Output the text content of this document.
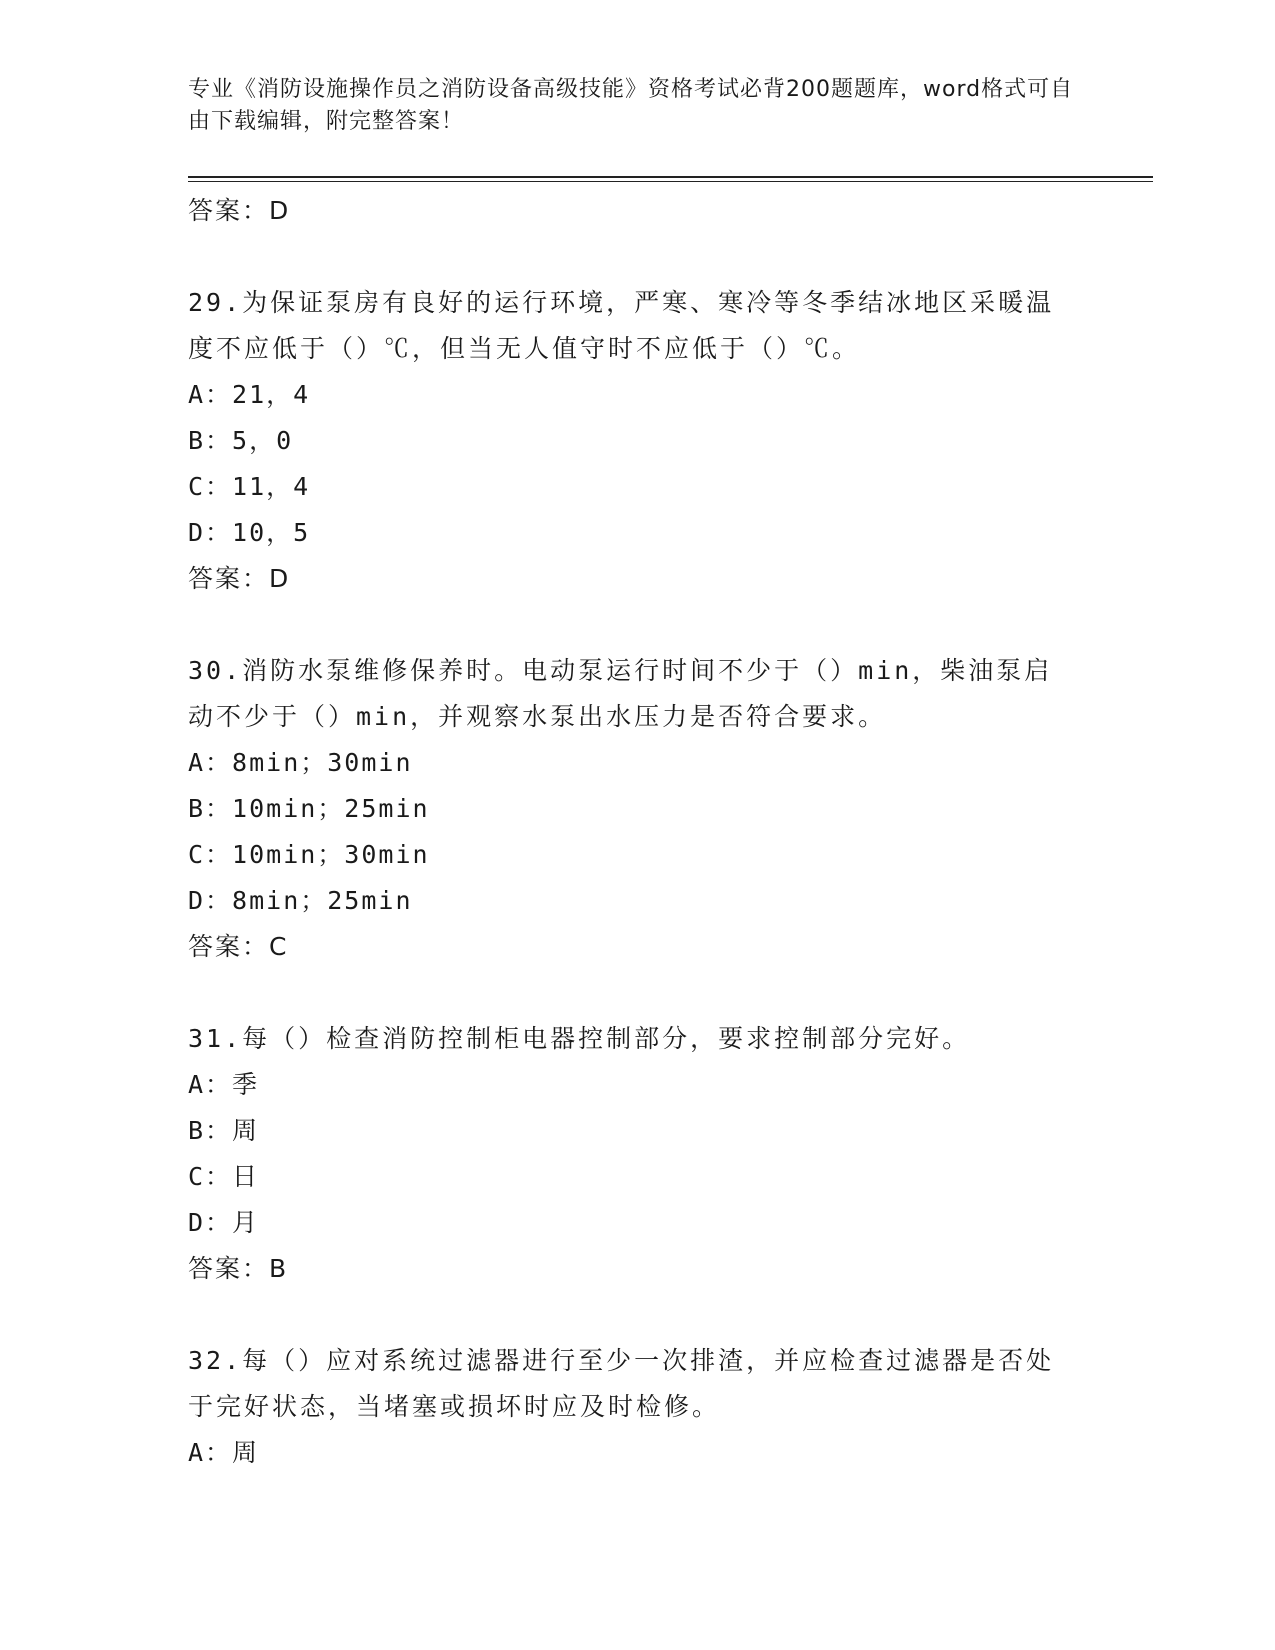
专业《消防设施操作员之消防设备高级技能》资格考试必背200题题库，word格式可自由下载编辑，附完整答案！
答案：D
29.为保证泵房有良好的运行环境，严寒、寒冷等冬季结冰地区采暖温度不应低于（）℃，但当无人值守时不应低于（）℃。
A：21，4
B：5，0
C：11，4
D：10，5
答案：D
30.消防水泵维修保养时。电动泵运行时间不少于（）min，柴油泵启动不少于（）min，并观察水泵出水压力是否符合要求。
A：8min；30min
B：10min；25min
C：10min；30min
D：8min；25min
答案：C
31.每（）检查消防控制柜电器控制部分，要求控制部分完好。
A：季
B：周
C：日
D：月
答案：B
32.每（）应对系统过滤器进行至少一次排渣，并应检查过滤器是否处于完好状态，当堵塞或损坏时应及时检修。
A：周
